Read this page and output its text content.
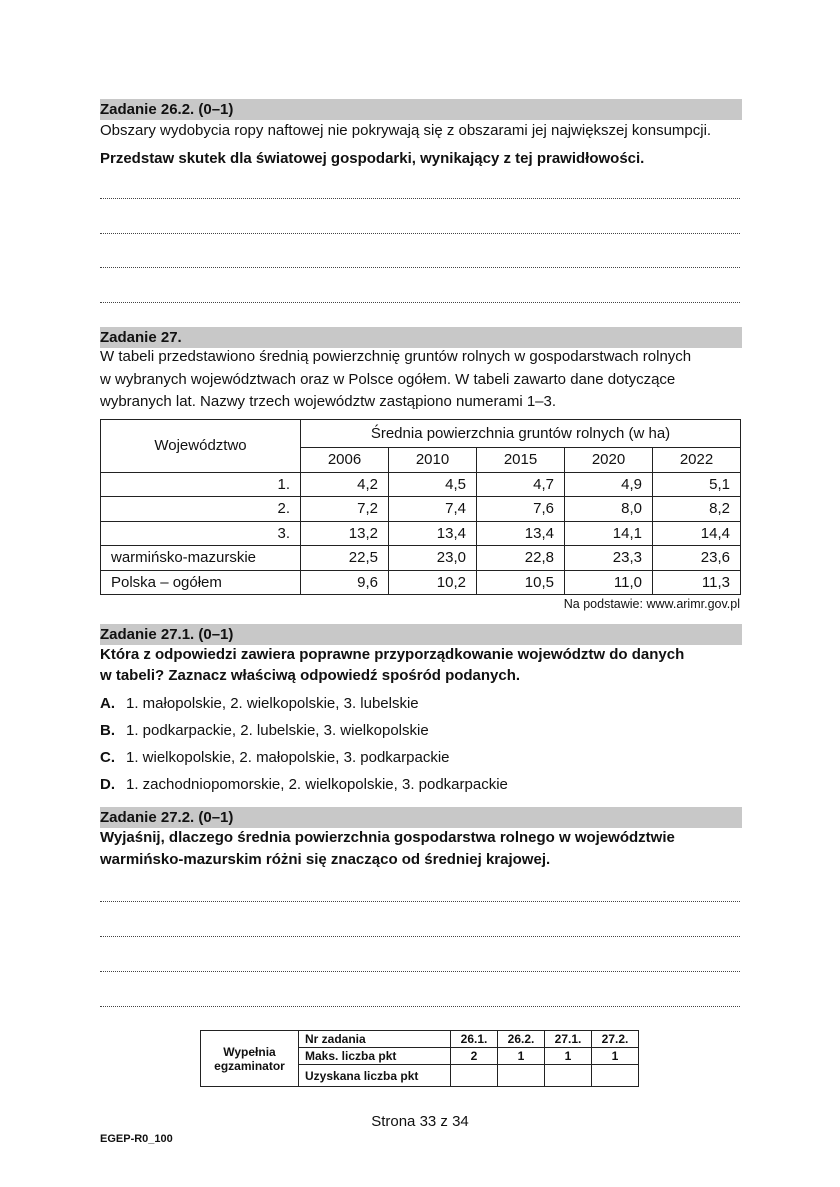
Zadanie 26.2. (0–1)
Obszary wydobycia ropy naftowej nie pokrywają się z obszarami jej największej konsumpcji.
Przedstaw skutek dla światowej gospodarki, wynikający z tej prawidłowości.
Zadanie 27.
W tabeli przedstawiono średnią powierzchnię gruntów rolnych w gospodarstwach rolnych
w wybranych województwach oraz w Polsce ogółem. W tabeli zawarto dane dotyczące
wybranych lat. Nazwy trzech województw zastąpiono numerami 1–3.
Województwo	Średnia powierzchnia gruntów rolnych (w ha)				
	2006	2010	2015	2020	2022
1.	4,2	4,5	4,7	4,9	5,1
2.	7,2	7,4	7,6	8,0	8,2
3.	13,2	13,4	13,4	14,1	14,4
warmińsko-mazurskie	22,5	23,0	22,8	23,3	23,6
Polska – ogółem	9,6	10,2	10,5	11,0	11,3
Na podstawie: www.arimr.gov.pl
Zadanie 27.1. (0–1)
Która z odpowiedzi zawiera poprawne przyporządkowanie województw do danych
w tabeli? Zaznacz właściwą odpowiedź spośród podanych.
A. 1. małopolskie, 2. wielkopolskie, 3. lubelskie
B. 1. podkarpackie, 2. lubelskie, 3. wielkopolskie
C. 1. wielkopolskie, 2. małopolskie, 3. podkarpackie
D. 1. zachodniopomorskie, 2. wielkopolskie, 3. podkarpackie
Zadanie 27.2. (0–1)
Wyjaśnij, dlaczego średnia powierzchnia gospodarstwa rolnego w województwie
warmińsko-mazurskim różni się znacząco od średniej krajowej.
Wypełnia
egzaminator	Nr zadania	26.1.	26.2.	27.1.	27.2.
	Maks. liczba pkt	2	1	1	1
	Uzyskana liczba pkt				
Strona 33 z 34
EGEP-R0_100
